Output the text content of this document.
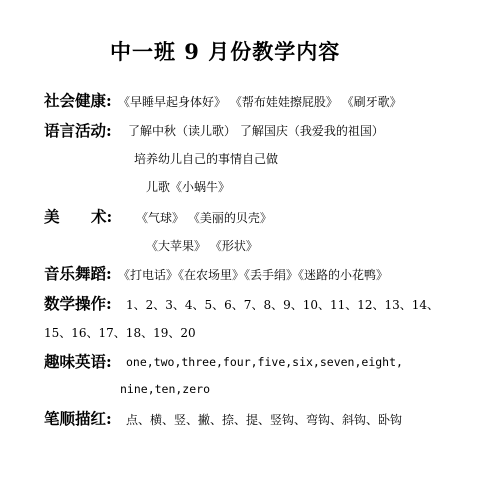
中一班 9 月份教学内容
社会健康: 《早睡早起身体好》 《帮布娃娃擦屁股》 《刷牙歌》
语言活动: 了解中秋（读儿歌） 了解国庆（我爱我的祖国）
培养幼儿自己的事情自己做
儿歌《小蜗牛》
美 术: 《气球》 《美丽的贝壳》
《大苹果》 《形状》
音乐舞蹈: 《打电话》《在农场里》《丢手绢》《迷路的小花鸭》
数学操作: 1、2、3、4、5、6、7、8、9、10、11、12、13、14、
15、16、17、18、19、20
趣味英语: one,two,three,four,five,six,seven,eight,
nine,ten,zero
笔顺描红: 点、横、竖、撇、捺、提、竖钩、弯钩、斜钩、卧钩
